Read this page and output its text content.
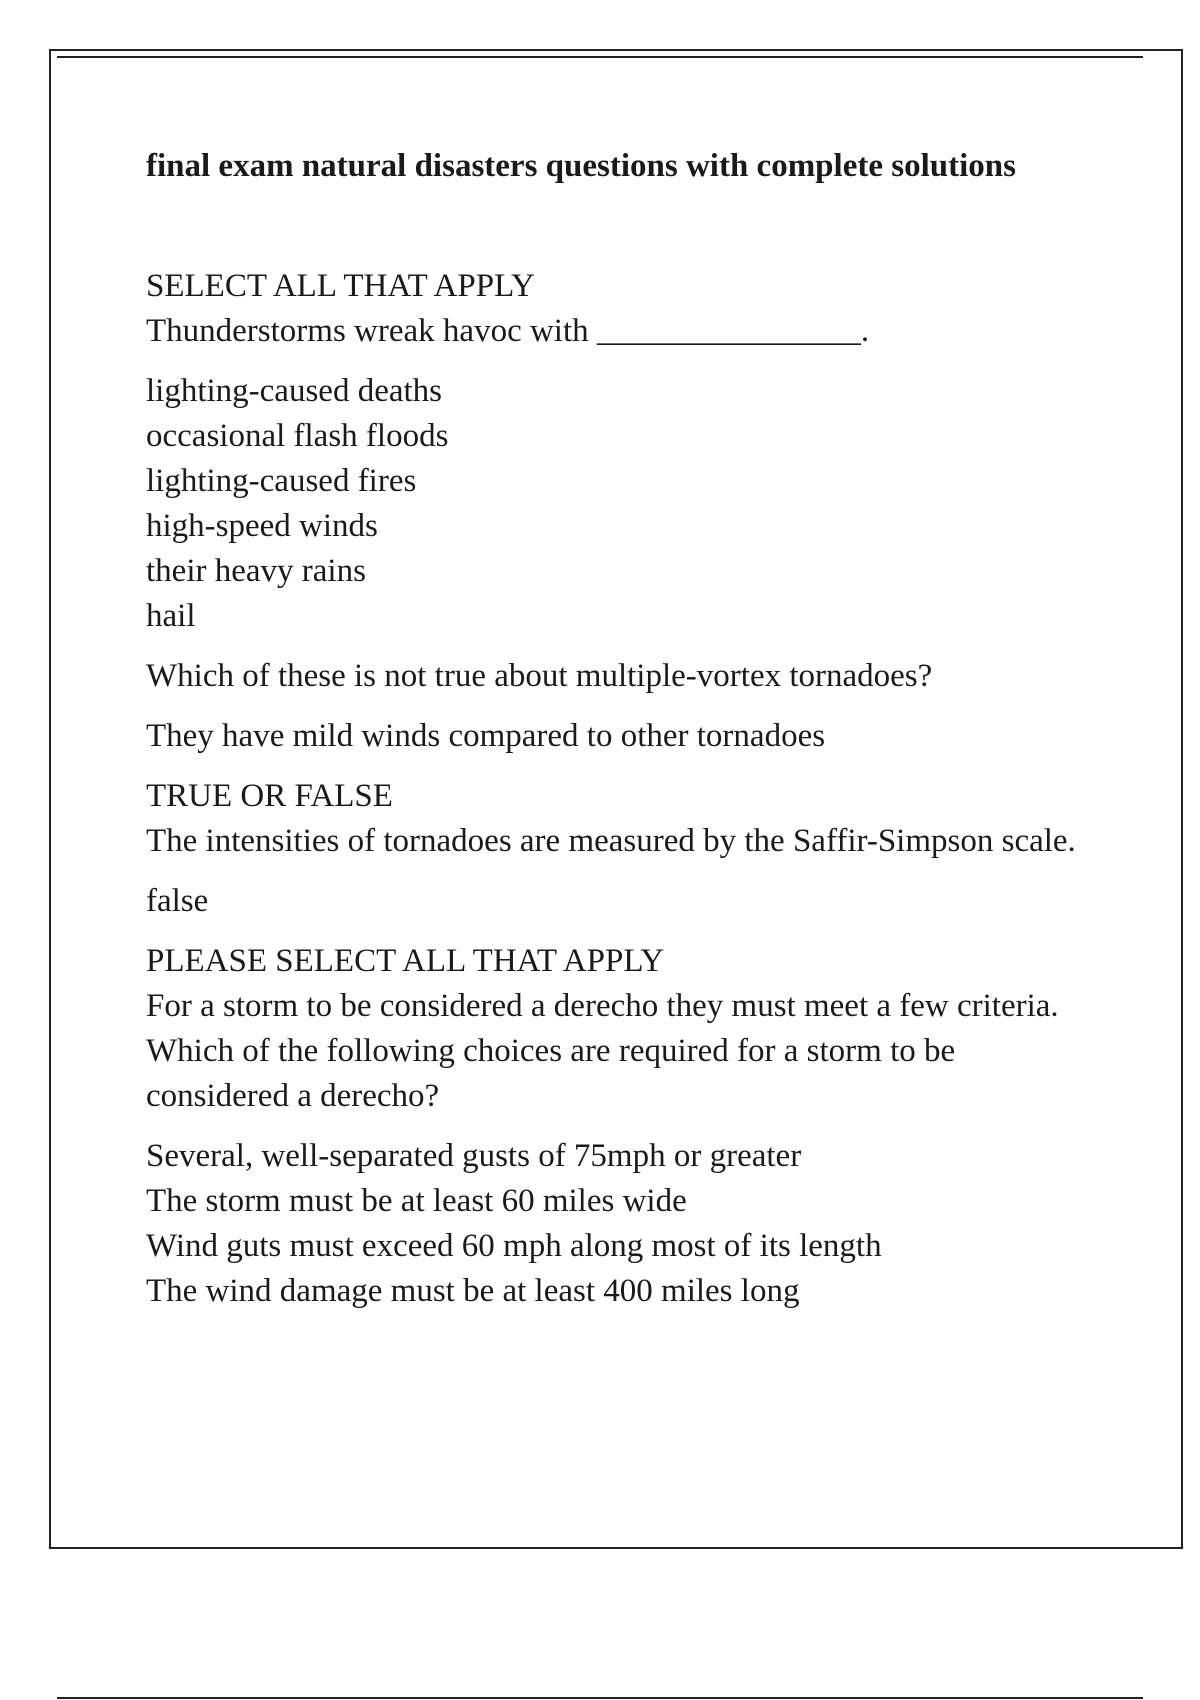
final exam natural disasters questions with complete solutions
SELECT ALL THAT APPLY
Thunderstorms wreak havoc with ________________.
lighting-caused deaths
occasional flash floods
lighting-caused fires
high-speed winds
their heavy rains
hail
Which of these is not true about multiple-vortex tornadoes?
They have mild winds compared to other tornadoes
TRUE OR FALSE
The intensities of tornadoes are measured by the Saffir-Simpson scale.
false
PLEASE SELECT ALL THAT APPLY
For a storm to be considered a derecho they must meet a few criteria. Which of the following choices are required for a storm to be considered a derecho?
Several, well-separated gusts of 75mph or greater
The storm must be at least 60 miles wide
Wind guts must exceed 60 mph along most of its length
The wind damage must be at least 400 miles long
